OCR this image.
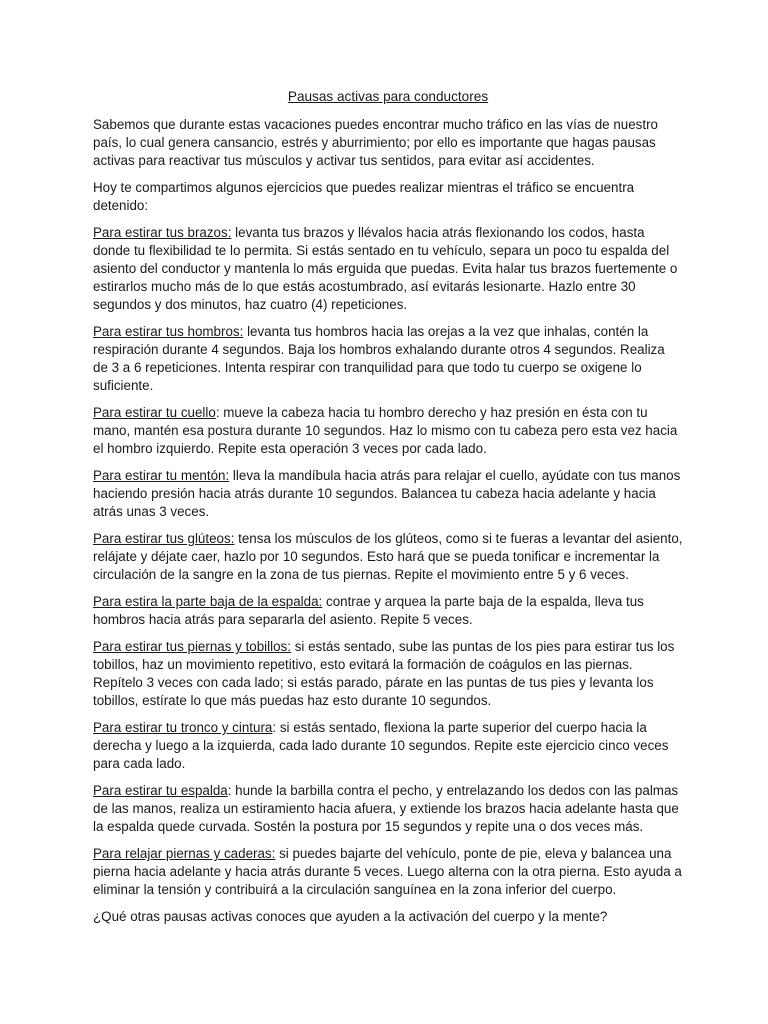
Pausas activas para conductores

Sabemos que durante estas vacaciones puedes encontrar mucho tráfico en las vías de nuestro país, lo cual genera cansancio, estrés y aburrimiento; por ello es importante que hagas pausas activas para reactivar tus músculos y activar tus sentidos, para evitar así accidentes.

Hoy te compartimos algunos ejercicios que puedes realizar mientras el tráfico se encuentra detenido:

Para estirar tus brazos: levanta tus brazos y llévalos hacia atrás flexionando los codos, hasta donde tu flexibilidad te lo permita. Si estás sentado en tu vehículo, separa un poco tu espalda del asiento del conductor y mantenla lo más erguida que puedas. Evita halar tus brazos fuertemente o estirarlos mucho más de lo que estás acostumbrado, así evitarás lesionarte. Hazlo entre 30 segundos y dos minutos, haz cuatro (4) repeticiones.

Para estirar tus hombros: levanta tus hombros hacia las orejas a la vez que inhalas, contén la respiración durante 4 segundos. Baja los hombros exhalando durante otros 4 segundos. Realiza de 3 a 6 repeticiones. Intenta respirar con tranquilidad para que todo tu cuerpo se oxigene lo suficiente.

Para estirar tu cuello: mueve la cabeza hacia tu hombro derecho y haz presión en ésta con tu mano, mantén esa postura durante 10 segundos. Haz lo mismo con tu cabeza pero esta vez hacia el hombro izquierdo. Repite esta operación 3 veces por cada lado.

Para estirar tu mentón: lleva la mandíbula hacia atrás para relajar el cuello, ayúdate con tus manos haciendo presión hacia atrás durante 10 segundos. Balancea tu cabeza hacia adelante y hacia atrás unas 3 veces.

Para estirar tus glúteos: tensa los músculos de los glúteos, como si te fueras a levantar del asiento, relájate y déjate caer, hazlo por 10 segundos. Esto hará que se pueda tonificar e incrementar la circulación de la sangre en la zona de tus piernas. Repite el movimiento entre 5 y 6 veces.

Para estira la parte baja de la espalda: contrae y arquea la parte baja de la espalda, lleva tus hombros hacia atrás para separarla del asiento. Repite 5 veces.

Para estirar tus piernas y tobillos: si estás sentado, sube las puntas de los pies para estirar tus los tobillos, haz un movimiento repetitivo, esto evitará la formación de coágulos en las piernas. Repítelo 3 veces con cada lado; si estás parado, párate en las puntas de tus pies y levanta los tobillos, estírate lo que más puedas haz esto durante 10 segundos.

Para estirar tu tronco y cintura: si estás sentado, flexiona la parte superior del cuerpo hacia la derecha y luego a la izquierda, cada lado durante 10 segundos. Repite este ejercicio cinco veces para cada lado.

Para estirar tu espalda: hunde la barbilla contra el pecho, y entrelazando los dedos con las palmas de las manos, realiza un estiramiento hacia afuera, y extiende los brazos hacia adelante hasta que la espalda quede curvada. Sostén la postura por 15 segundos y repite una o dos veces más.

Para relajar piernas y caderas: si puedes bajarte del vehículo, ponte de pie, eleva y balancea una pierna hacia adelante y hacia atrás durante 5 veces. Luego alterna con la otra pierna. Esto ayuda a eliminar la tensión y contribuirá a la circulación sanguínea en la zona inferior del cuerpo.

¿Qué otras pausas activas conoces que ayuden a la activación del cuerpo y la mente?
